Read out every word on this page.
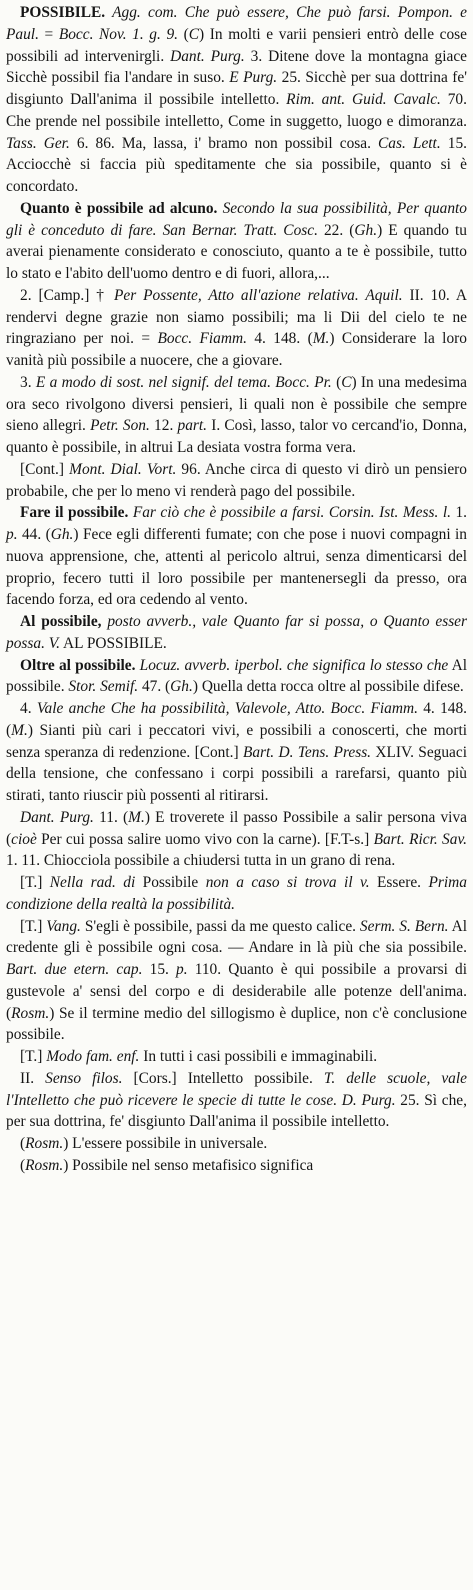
POSSIBILE. Agg. com. Che può essere, Che può farsi. Pompon. e Paul. = Bocc. Nov. 1. g. 9. (C) In molti e varii pensieri entrò delle cose possibili ad intervenirgli. Dant. Purg. 3. Ditene dove la montagna giace Sicchè possibil fia l'andare in suso. E Purg. 25. Sicchè per sua dottrina fe' disgiunto Dall'anima il possibile intelletto. Rim. ant. Guid. Cavalc. 70. Che prende nel possibile intelletto, Come in suggetto, luogo e dimoranza. Tass. Ger. 6. 86. Ma, lassa, i' bramo non possibil cosa. Cas. Lett. 15. Acciocchè si faccia più speditamente che sia possibile, quanto si è concordato.

Quanto è possibile ad alcuno. Secondo la sua possibilità, Per quanto gli è conceduto di fare. San Bernar. Tratt. Cosc. 22. (Gh.) E quando tu averai pienamente considerato e conosciuto, quanto a te è possibile, tutto lo stato e l'abito dell'uomo dentro e di fuori, allora,...

2. [Camp.] † Per Possente, Atto all'azione relativa. Aquil. II. 10. A rendervi degne grazie non siamo possibili; ma li Dii del cielo te ne ringraziano per noi. = Bocc. Fiamm. 4. 148. (M.) Considerare la loro vanità più possibile a nuocere, che a giovare.

3. E a modo di sost. nel signif. del tema. Bocc. Pr. (C) In una medesima ora seco rivolgono diversi pensieri, li quali non è possibile che sempre sieno allegri. Petr. Son. 12. part. I. Così, lasso, talor vo cercand'io, Donna, quanto è possibile, in altrui La desiata vostra forma vera.

[Cont.] Mont. Dial. Vort. 96. Anche circa di questo vi dirò un pensiero probabile, che per lo meno vi renderà pago del possibile.

Fare il possibile. Far ciò che è possibile a farsi. Corsin. Ist. Mess. l. 1. p. 44. (Gh.) Fece egli differenti fumate; con che pose i nuovi compagni in nuova apprensione, che, attenti al pericolo altrui, senza dimenticarsi del proprio, fecero tutti il loro possibile per mantenersegli da presso, ora facendo forza, ed ora cedendo al vento.

Al possibile, posto avverb., vale Quanto far si possa, o Quanto esser possa. V. AL POSSIBILE.

Oltre al possibile. Locuz. avverb. iperbol. che significa lo stesso che Al possibile. Stor. Semif. 47. (Gh.) Quella detta rocca oltre al possibile difese.

4. Vale anche Che ha possibilità, Valevole, Atto. Bocc. Fiamm. 4. 148. (M.) Sianti più cari i peccatori vivi, e possibili a conoscerti, che morti senza speranza di redenzione. [Cont.] Bart. D. Tens. Press. XLIV. Seguaci della tensione, che confessano i corpi possibili a rarefarsi, quanto più stirati, tanto riuscir più possenti al ritirarsi.

Dant. Purg. 11. (M.) E troverete il passo Possibile a salir persona viva (cioè Per cui possa salire uomo vivo con la carne). [F.T-s.] Bart. Ricr. Sav. 1. 11. Chiocciola possibile a chiudersi tutta in un grano di rena.

[T.] Nella rad. di Possibile non a caso si trova il v. Essere. Prima condizione della realtà la possibilità.

[T.] Vang. S'egli è possibile, passi da me questo calice. Serm. S. Bern. Al credente gli è possibile ogni cosa. — Andare in là più che sia possibile. Bart. due etern. cap. 15. p. 110. Quanto è qui possibile a provarsi di gustevole a' sensi del corpo e di desiderabile alle potenze dell'anima. (Rosm.) Se il termine medio del sillogismo è duplice, non c'è conclusione possibile.

[T.] Modo fam. enf. In tutti i casi possibili e immaginabili.

II. Senso filos. [Cors.] Intelletto possibile. T. delle scuole, vale l'Intelletto che può ricevere le specie di tutte le cose. D. Purg. 25. Sì che, per sua dottrina, fe' disgiunto Dall'anima il possibile intelletto.

(Rosm.) L'essere possibile in universale.

(Rosm.) Possibile nel senso metafisico significa
